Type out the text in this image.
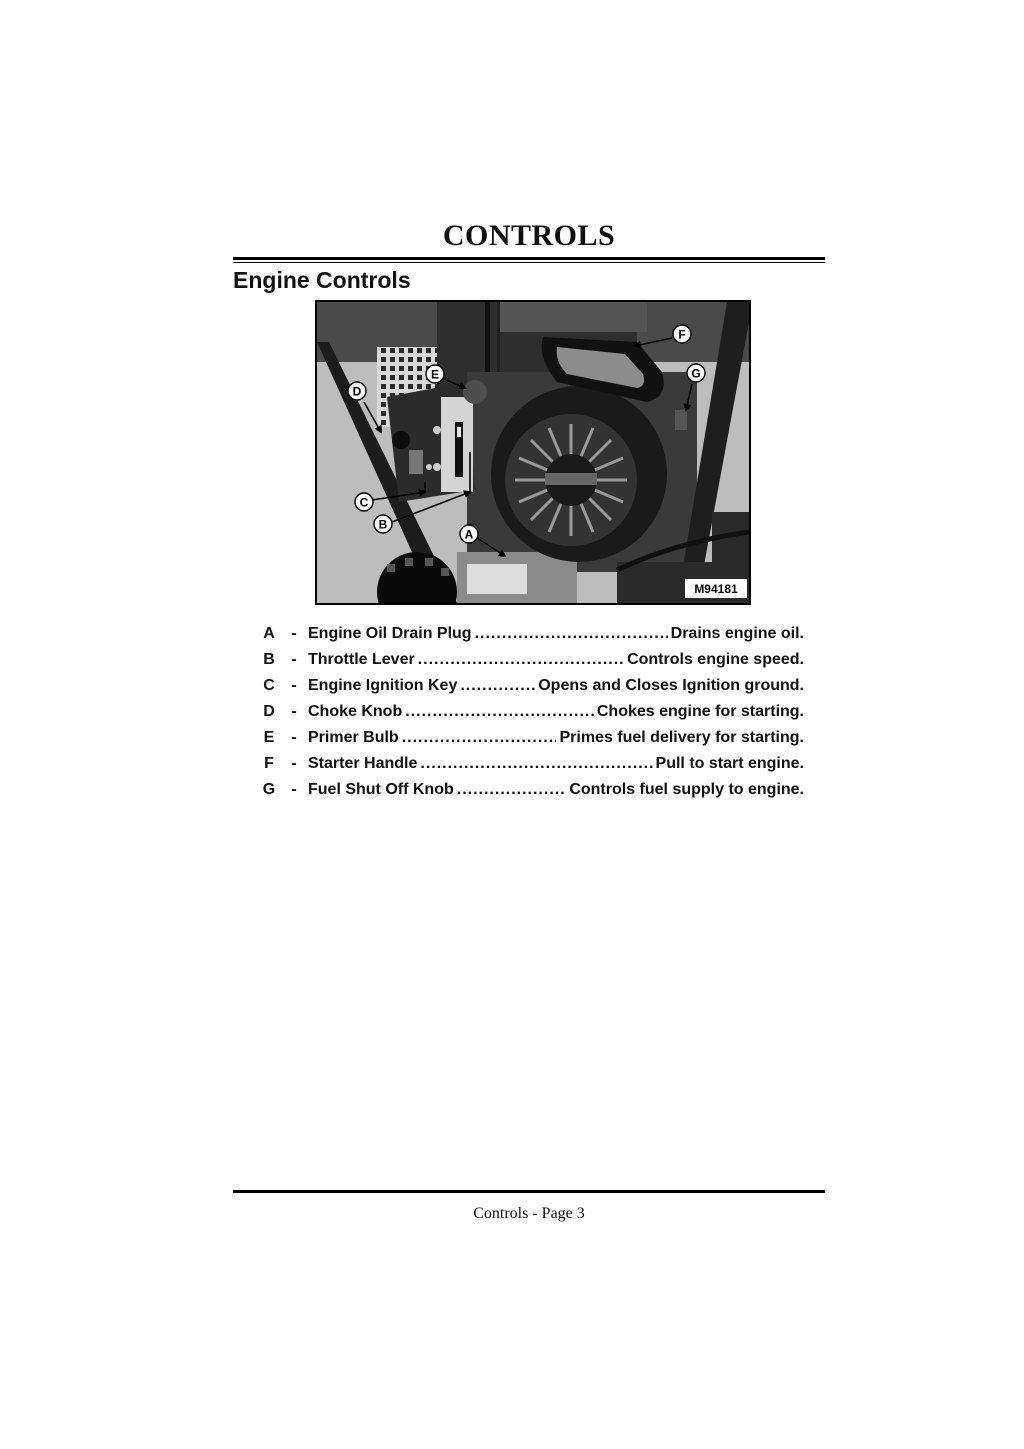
CONTROLS
Engine Controls
F
G
E
D
C
B
A
M94181
A	- Engine Oil Drain Plug .....	Drains engine oil.
B	- Throttle Lever .....	Controls engine speed.
C	- Engine Ignition Key .....	Opens and Closes Ignition ground.
D	- Choke Knob .....	Chokes engine for starting.
E	- Primer Bulb .....	Primes fuel delivery for starting.
F	- Starter Handle .....	Pull to start engine.
G	- Fuel Shut Off Knob .....	Controls fuel supply to engine.
Controls - Page 3
